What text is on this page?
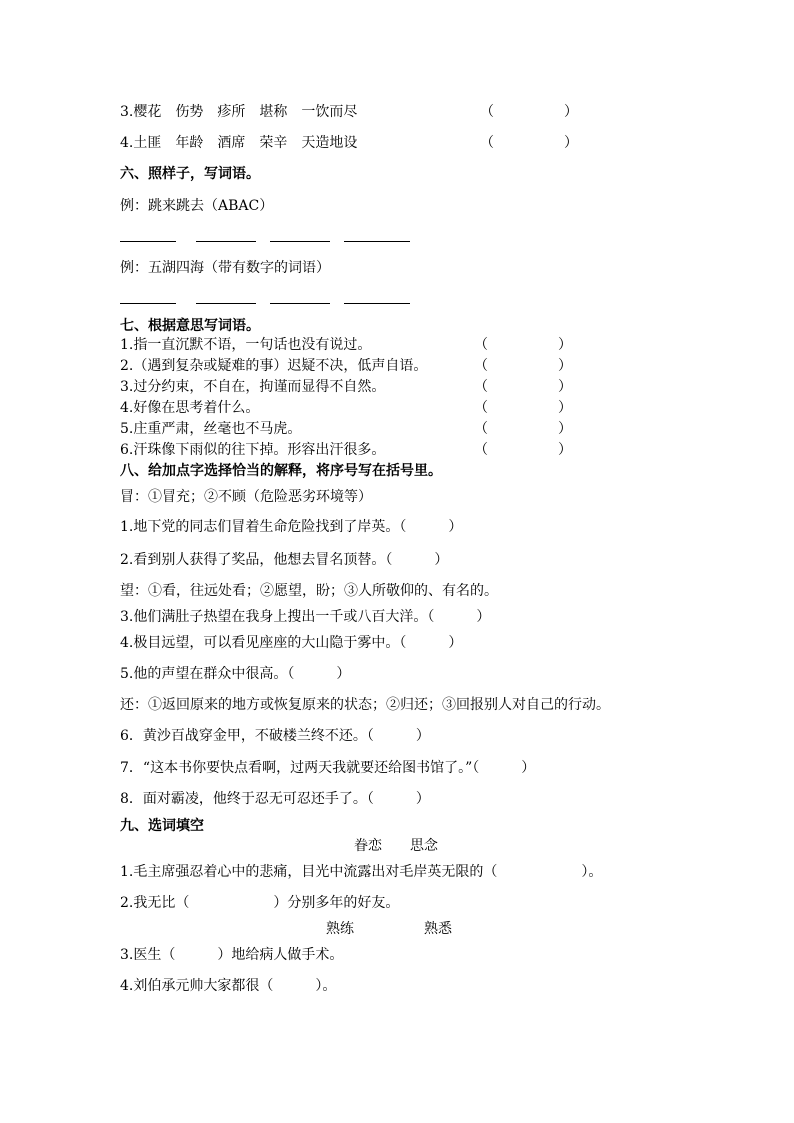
3.樱花　伤势　疹所　堪称　一饮而尽	（　　　　　）
4.土匪　年龄　酒席　荣辛　天造地设	（　　　　　）
六、照样子，写词语。
例：跳来跳去（ABAC）
例：五湖四海（带有数字的词语）
七、根据意思写词语。
1.指一直沉默不语，一句话也没有说过。	（　　　　　）
2.（遇到复杂或疑难的事）迟疑不决，低声自语。	（　　　　　）
3.过分约束，不自在，拘谨而显得不自然。	（　　　　　）
4.好像在思考着什么。	（　　　　　）
5.庄重严肃，丝毫也不马虎。	（　　　　　）
6.汗珠像下雨似的往下掉。形容出汗很多。	（　　　　　）
八、给加点字选择恰当的解释，将序号写在括号里。
冒：①冒充；②不顾（危险恶劣环境等）
1.地下党的同志们冒着生命危险找到了岸英。（　　　）
2.看到别人获得了奖品，他想去冒名顶替。（　　　）
望：①看，往远处看；②愿望，盼；③人所敬仰的、有名的。
3.他们满肚子热望在我身上搜出一千或八百大洋。（　　　）
4.极目远望，可以看见座座的大山隐于雾中。（　　　）
5.他的声望在群众中很高。（　　　）
还：①返回原来的地方或恢复原来的状态；②归还；③回报别人对自己的行动。
6．黄沙百战穿金甲，不破楼兰终不还。（　　　）
7．“这本书你要快点看啊，过两天我就要还给图书馆了。”（　　　）
8．面对霸凌，他终于忍无可忍还手了。（　　　）
九、选词填空
眷恋　　思念
1.毛主席强忍着心中的悲痛，目光中流露出对毛岸英无限的（　　　　　　）。
2.我无比（　　　　　　）分别多年的好友。
熟练　　　　　熟悉
3.医生（　　　）地给病人做手术。
4.刘伯承元帅大家都很（　　　）。
